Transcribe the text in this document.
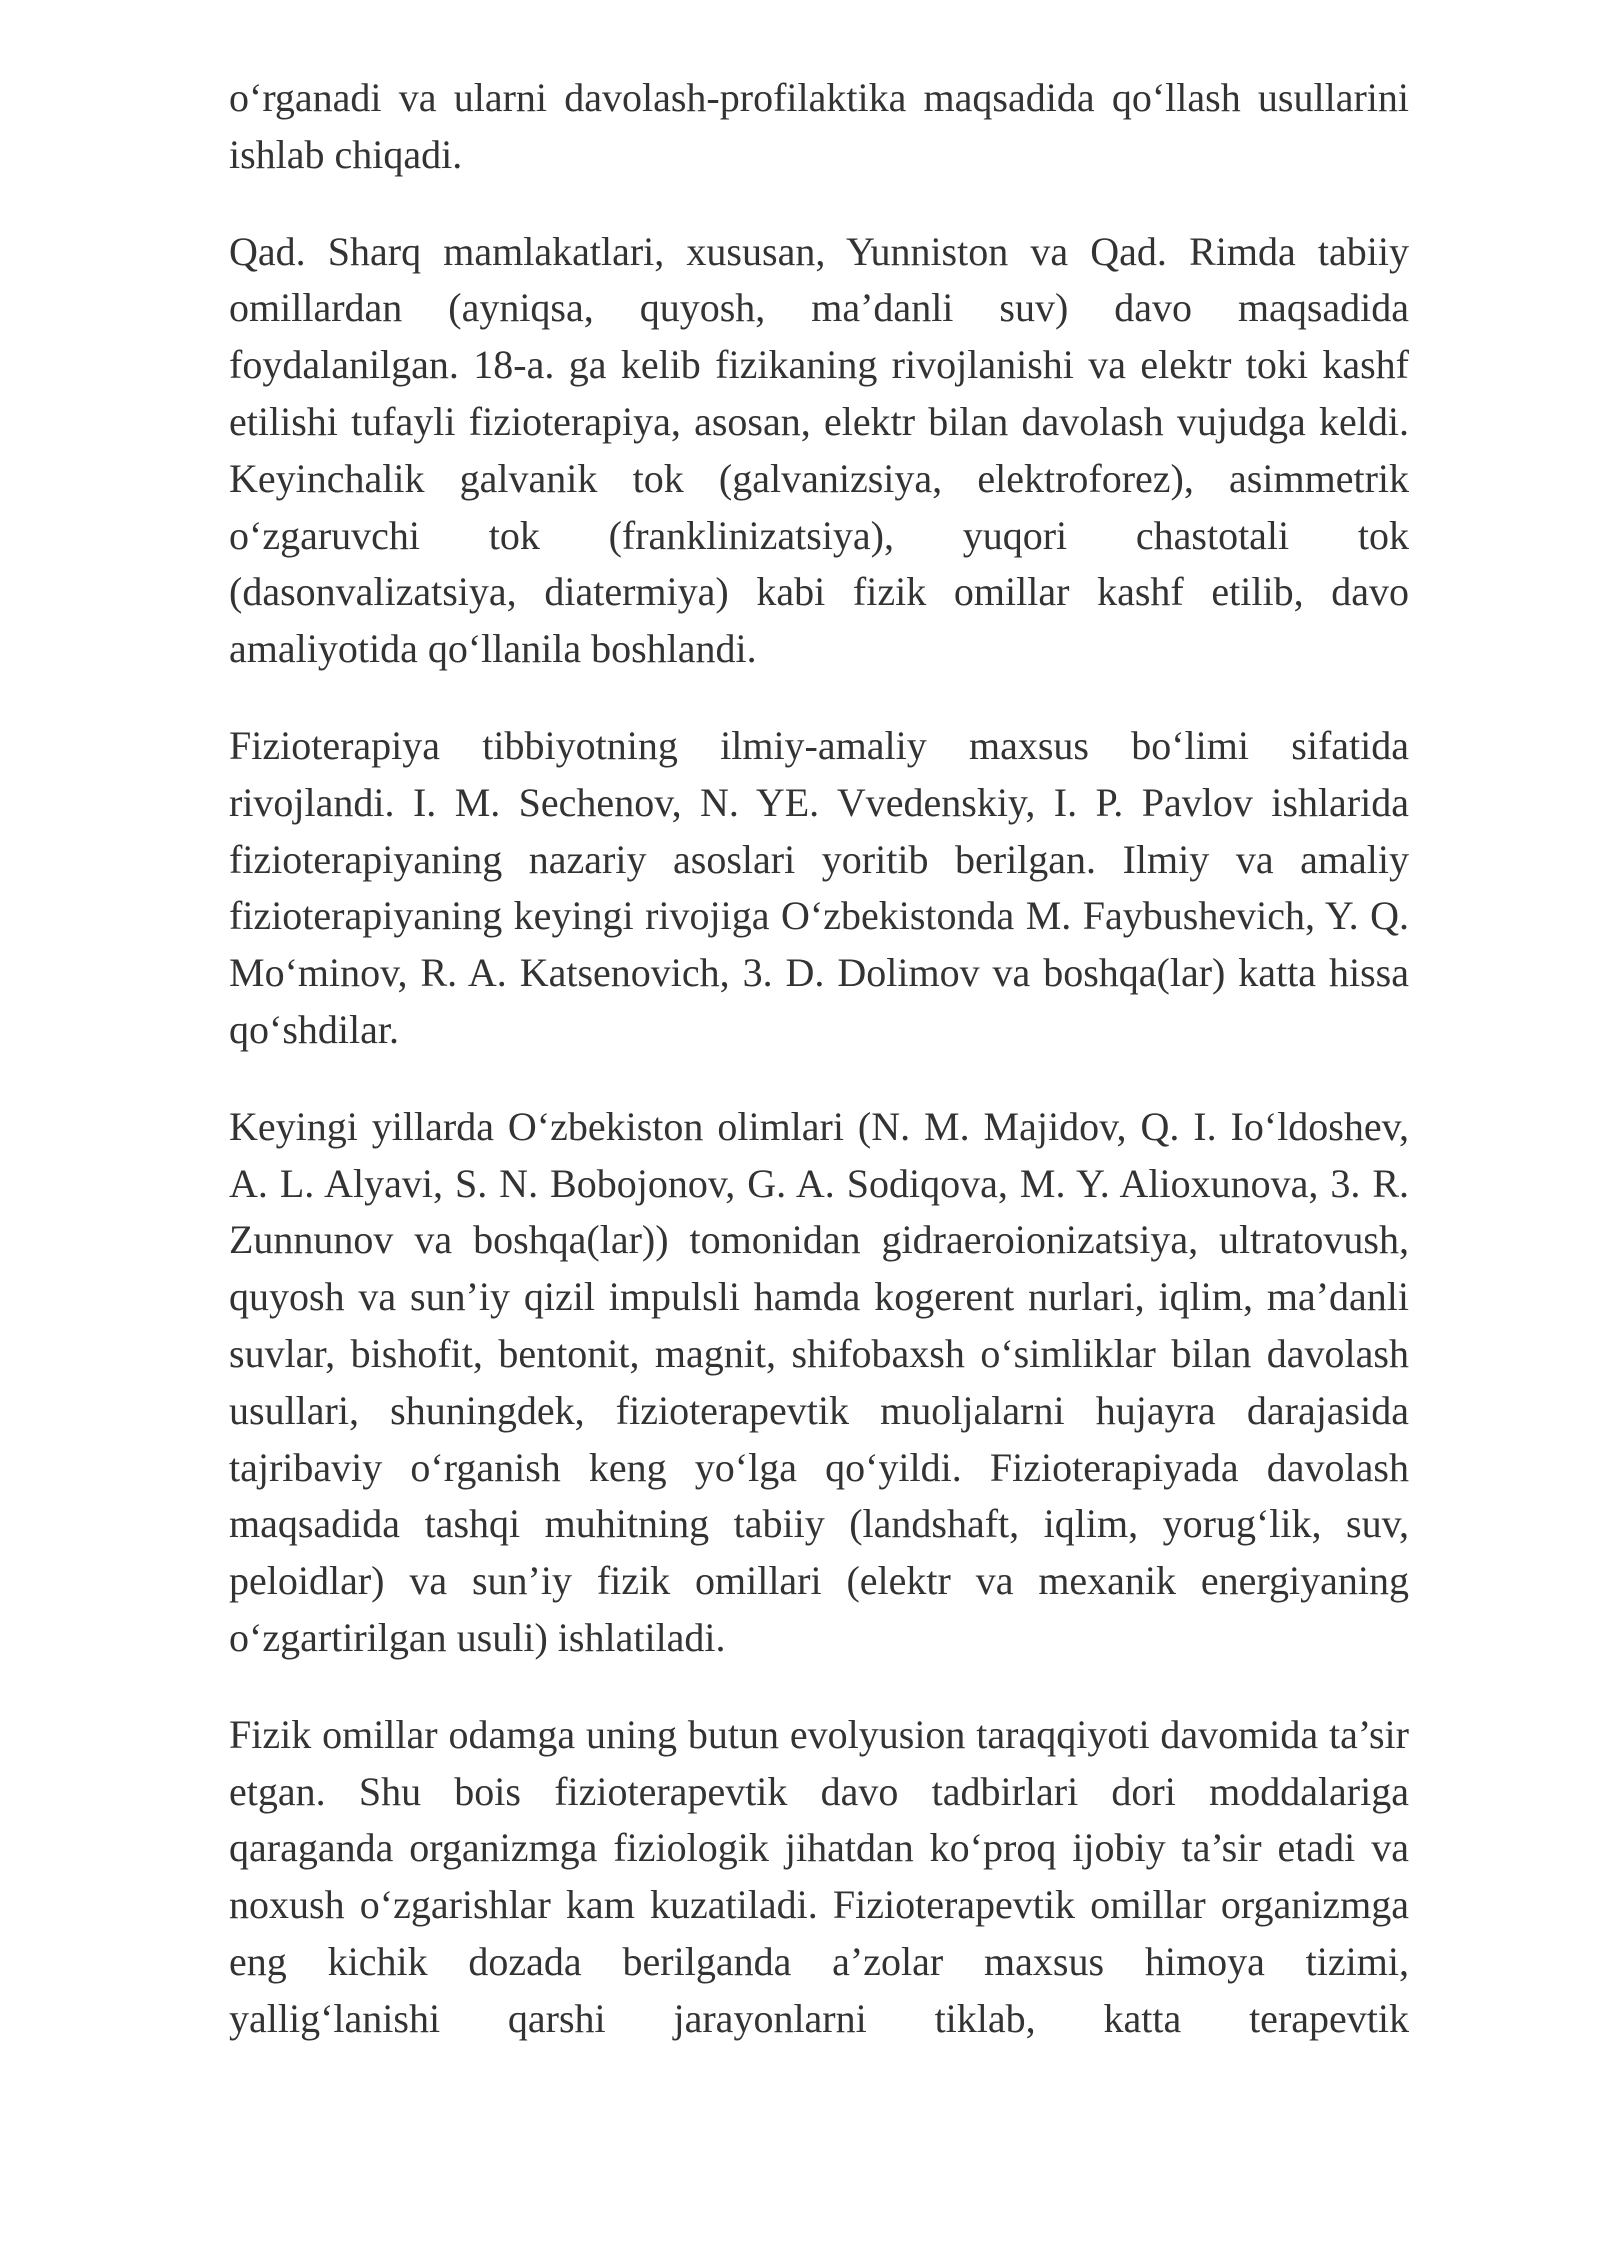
oʻrganadi va ularni davolash-profilaktika maqsadida qoʻllash usullarini ishlab chiqadi.

Qad. Sharq mamlakatlari, xususan, Yunniston va Qad. Rimda tabiiy omillardan (ayniqsa, quyosh, ma’danli suv) davo maqsadida foydalanilgan. 18-a. ga kelib fizikaning rivojlanishi va elektr toki kashf etilishi tufayli fizioterapiya, asosan, elektr bilan davolash vujudga keldi. Keyinchalik galvanik tok (galvanizsiya, elektroforez), asimmetrik oʻzgaruvchi tok (franklinizatsiya), yuqori chastotali tok (dasonvalizatsiya, diatermiya) kabi fizik omillar kashf etilib, davo amaliyotida qoʻllanila boshlandi.

Fizioterapiya tibbiyotning ilmiy-amaliy maxsus boʻlimi sifatida rivojlandi. I. M. Sechenov, N. YE. Vvedenskiy, I. P. Pavlov ishlarida fizioterapiyaning nazariy asoslari yoritib berilgan. Ilmiy va amaliy fizioterapiyaning keyingi rivojiga Oʻzbekistonda M. Faybushevich, Y. Q. Moʻminov, R. A. Katsenovich, 3. D. Dolimov va boshqa(lar) katta hissa qoʻshdilar.

Keyingi yillarda Oʻzbekiston olimlari (N. M. Majidov, Q. I. Ioʻldoshev, A. L. Alyavi, S. N. Bobojonov, G. A. Sodiqova, M. Y. Alioxunova, 3. R. Zunnunov va boshqa(lar)) tomonidan gidraeroionizatsiya, ultratovush, quyosh va sun’iy qizil impulsli hamda kogerent nurlari, iqlim, ma’danli suvlar, bishofit, bentonit, magnit, shifobaxsh oʻsimliklar bilan davolash usullari, shuningdek, fizioterapevtik muoljalarni hujayra darajasida tajribaviy oʻrganish keng yoʻlga qoʻyildi. Fizioterapiyada davolash maqsadida tashqi muhitning tabiiy (landshaft, iqlim, yorugʻlik, suv, peloidlar) va sun’iy fizik omillari (elektr va mexanik energiyaning oʻzgartirilgan usuli) ishlatiladi.

Fizik omillar odamga uning butun evolyusion taraqqiyoti davomida ta’sir etgan. Shu bois fizioterapevtik davo tadbirlari dori moddalariga qaraganda organizmga fiziologik jihatdan koʻproq ijobiy ta’sir etadi va noxush oʻzgarishlar kam kuzatiladi. Fizioterapevtik omillar organizmga eng kichik dozada berilganda a’zolar maxsus himoya tizimi, yalligʻlanishi qarshi jarayonlarni tiklab, katta terapevtik
